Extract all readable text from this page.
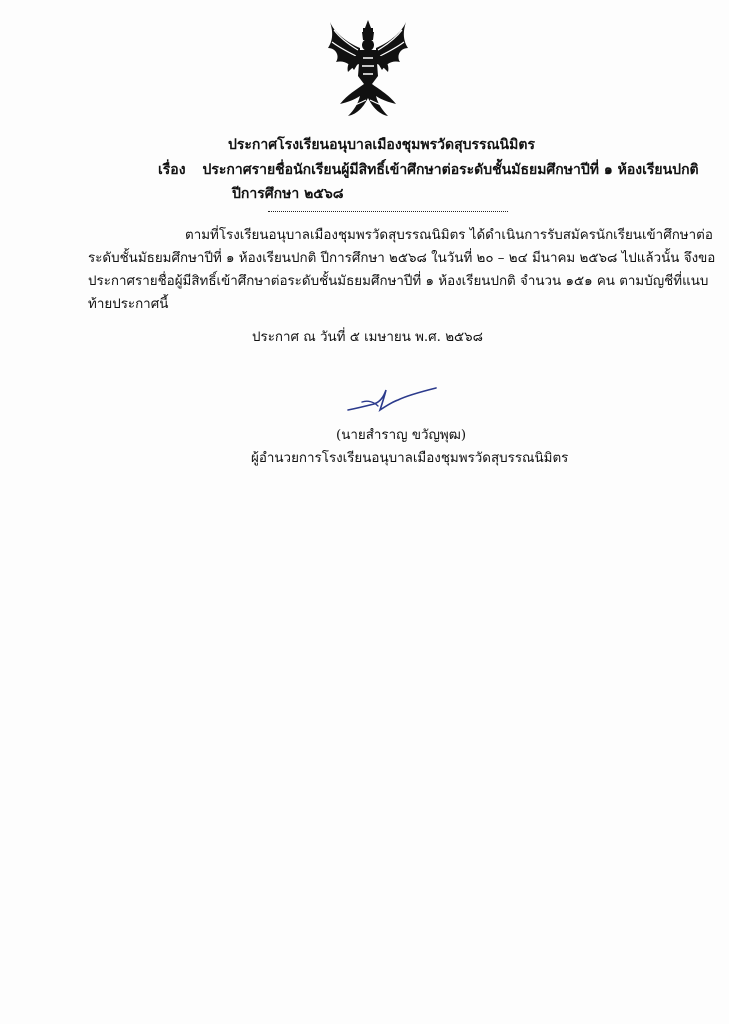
ประกาศโรงเรียนอนุบาลเมืองชุมพรวัดสุบรรณนิมิตร
เรื่อง ประกาศรายชื่อนักเรียนผู้มีสิทธิ์เข้าศึกษาต่อระดับชั้นมัธยมศึกษาปีที่ ๑ ห้องเรียนปกติ
ปีการศึกษา ๒๕๖๘
ตามที่โรงเรียนอนุบาลเมืองชุมพรวัดสุบรรณนิมิตร ได้ดำเนินการรับสมัครนักเรียนเข้าศึกษาต่อ
ระดับชั้นมัธยมศึกษาปีที่ ๑ ห้องเรียนปกติ ปีการศึกษา ๒๕๖๘ ในวันที่ ๒๐ – ๒๔ มีนาคม ๒๕๖๘ ไปแล้วนั้น จึงขอ
ประกาศรายชื่อผู้มีสิทธิ์เข้าศึกษาต่อระดับชั้นมัธยมศึกษาปีที่ ๑ ห้องเรียนปกติ จำนวน ๑๕๑ คน ตามบัญชีที่แนบ
ท้ายประกาศนี้
ประกาศ ณ วันที่ ๕ เมษายน พ.ศ. ๒๕๖๘
(นายสำราญ ขวัญพุฒ)
ผู้อำนวยการโรงเรียนอนุบาลเมืองชุมพรวัดสุบรรณนิมิตร
